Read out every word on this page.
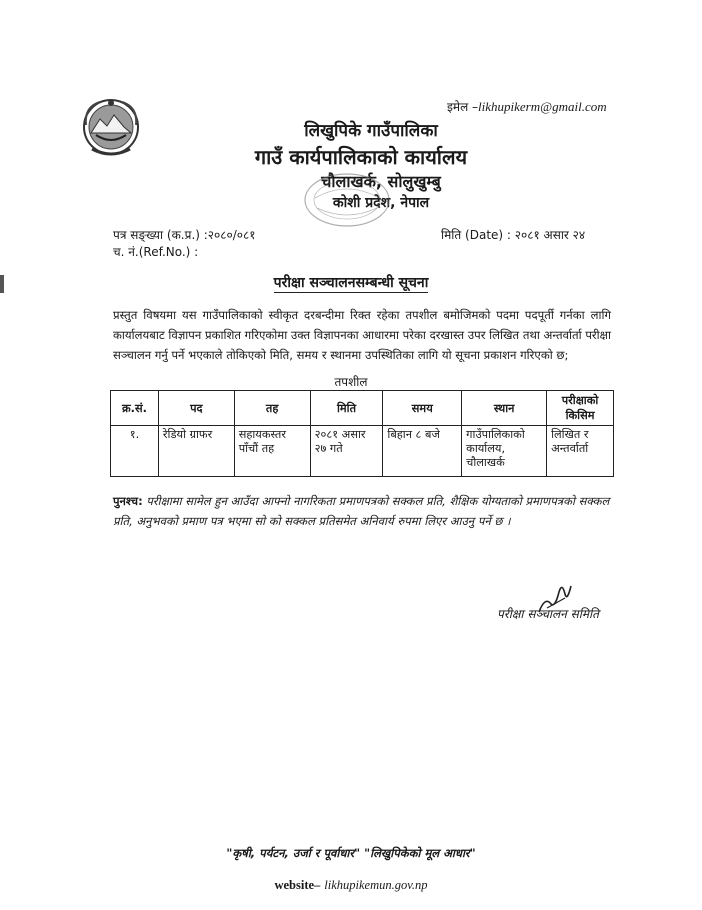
इमेल –likhupikerm@gmail.com
लिखुपिके गाउँपालिका
गाउँ कार्यपालिकाको कार्यालय
चौलाखर्क, सोलुखुम्बु
कोशी प्रदेश, नेपाल
पत्र सङ्ख्या (क.प्र.) :२०८०/०८१
च. नं.(Ref.No.) :
मिति (Date) : २०८१ असार २४
परीक्षा सञ्चालनसम्बन्धी सूचना
प्रस्तुत विषयमा यस गाउँपालिकाको स्वीकृत दरबन्दीमा रिक्त रहेका तपशील बमोजिमको पदमा पदपूर्ती गर्नका लागि कार्यालयबाट विज्ञापन प्रकाशित गरिएकोमा उक्त विज्ञापनका आधारमा परेका दरखास्त उपर लिखित तथा अन्तर्वार्ता परीक्षा सञ्चालन गर्नु पर्ने भएकाले तोकिएको मिति, समय र स्थानमा उपस्थितिका लागि यो सूचना प्रकाशन गरिएको छ;
तपशील
क्र.सं.	पद	तह	मिति	समय	स्थान	परीक्षाको किसिम
१.	रेडियो ग्राफर	सहायकस्तर पाँचौं तह	२०८१ असार २७ गते	बिहान ८ बजे	गाउँपालिकाको कार्यालय, चौलाखर्क	लिखित र अन्तर्वार्ता
पुनश्च: परीक्षामा सामेल हुन आउँदा आफ्नो नागरिकता प्रमाणपत्रको सक्कल प्रति, शैक्षिक योग्यताको प्रमाणपत्रको सक्कल प्रति, अनुभवको प्रमाण पत्र भएमा सो को सक्कल प्रतिसमेत अनिवार्य रुपमा लिएर आउनु पर्ने छ ।
परीक्षा सञ्चालन समिति
"कृषी, पर्यटन, उर्जा र पूर्वाधार" "लिखुपिकेको मूल आधार"
website– likhupikemun.gov.np
